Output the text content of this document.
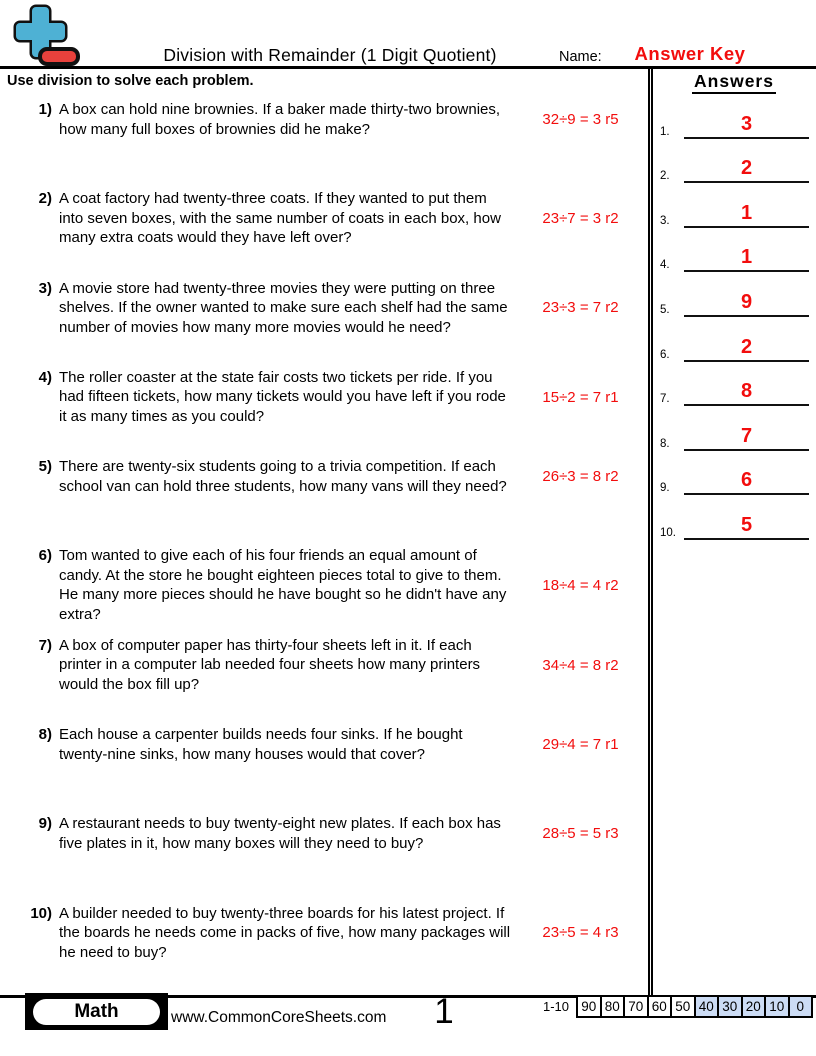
Division with Remainder (1 Digit Quotient)	Name:	Answer Key
Use division to solve each problem.
1) A box can hold nine brownies. If a baker made thirty-two brownies, how many full boxes of brownies did he make?
32÷9 = 3 r5
2) A coat factory had twenty-three coats. If they wanted to put them into seven boxes, with the same number of coats in each box, how many extra coats would they have left over?
23÷7 = 3 r2
3) A movie store had twenty-three movies they were putting on three shelves. If the owner wanted to make sure each shelf had the same number of movies how many more movies would he need?
23÷3 = 7 r2
4) The roller coaster at the state fair costs two tickets per ride. If you had fifteen tickets, how many tickets would you have left if you rode it as many times as you could?
15÷2 = 7 r1
5) There are twenty-six students going to a trivia competition. If each school van can hold three students, how many vans will they need?
26÷3 = 8 r2
6) Tom wanted to give each of his four friends an equal amount of candy. At the store he bought eighteen pieces total to give to them. He many more pieces should he have bought so he didn't have any extra?
18÷4 = 4 r2
7) A box of computer paper has thirty-four sheets left in it. If each printer in a computer lab needed four sheets how many printers would the box fill up?
34÷4 = 8 r2
8) Each house a carpenter builds needs four sinks. If he bought twenty-nine sinks, how many houses would that cover?
29÷4 = 7 r1
9) A restaurant needs to buy twenty-eight new plates. If each box has five plates in it, how many boxes will they need to buy?
28÷5 = 5 r3
10) A builder needed to buy twenty-three boards for his latest project. If the boards he needs come in packs of five, how many packages will he need to buy?
23÷5 = 4 r3
Answers
1.	3
2.	2
3.	1
4.	1
5.	9
6.	2
7.	8
8.	7
9.	6
10.	5
Math	www.CommonCoreSheets.com	1	1-10 90 80 70 60 50 40 30 20 10 0
